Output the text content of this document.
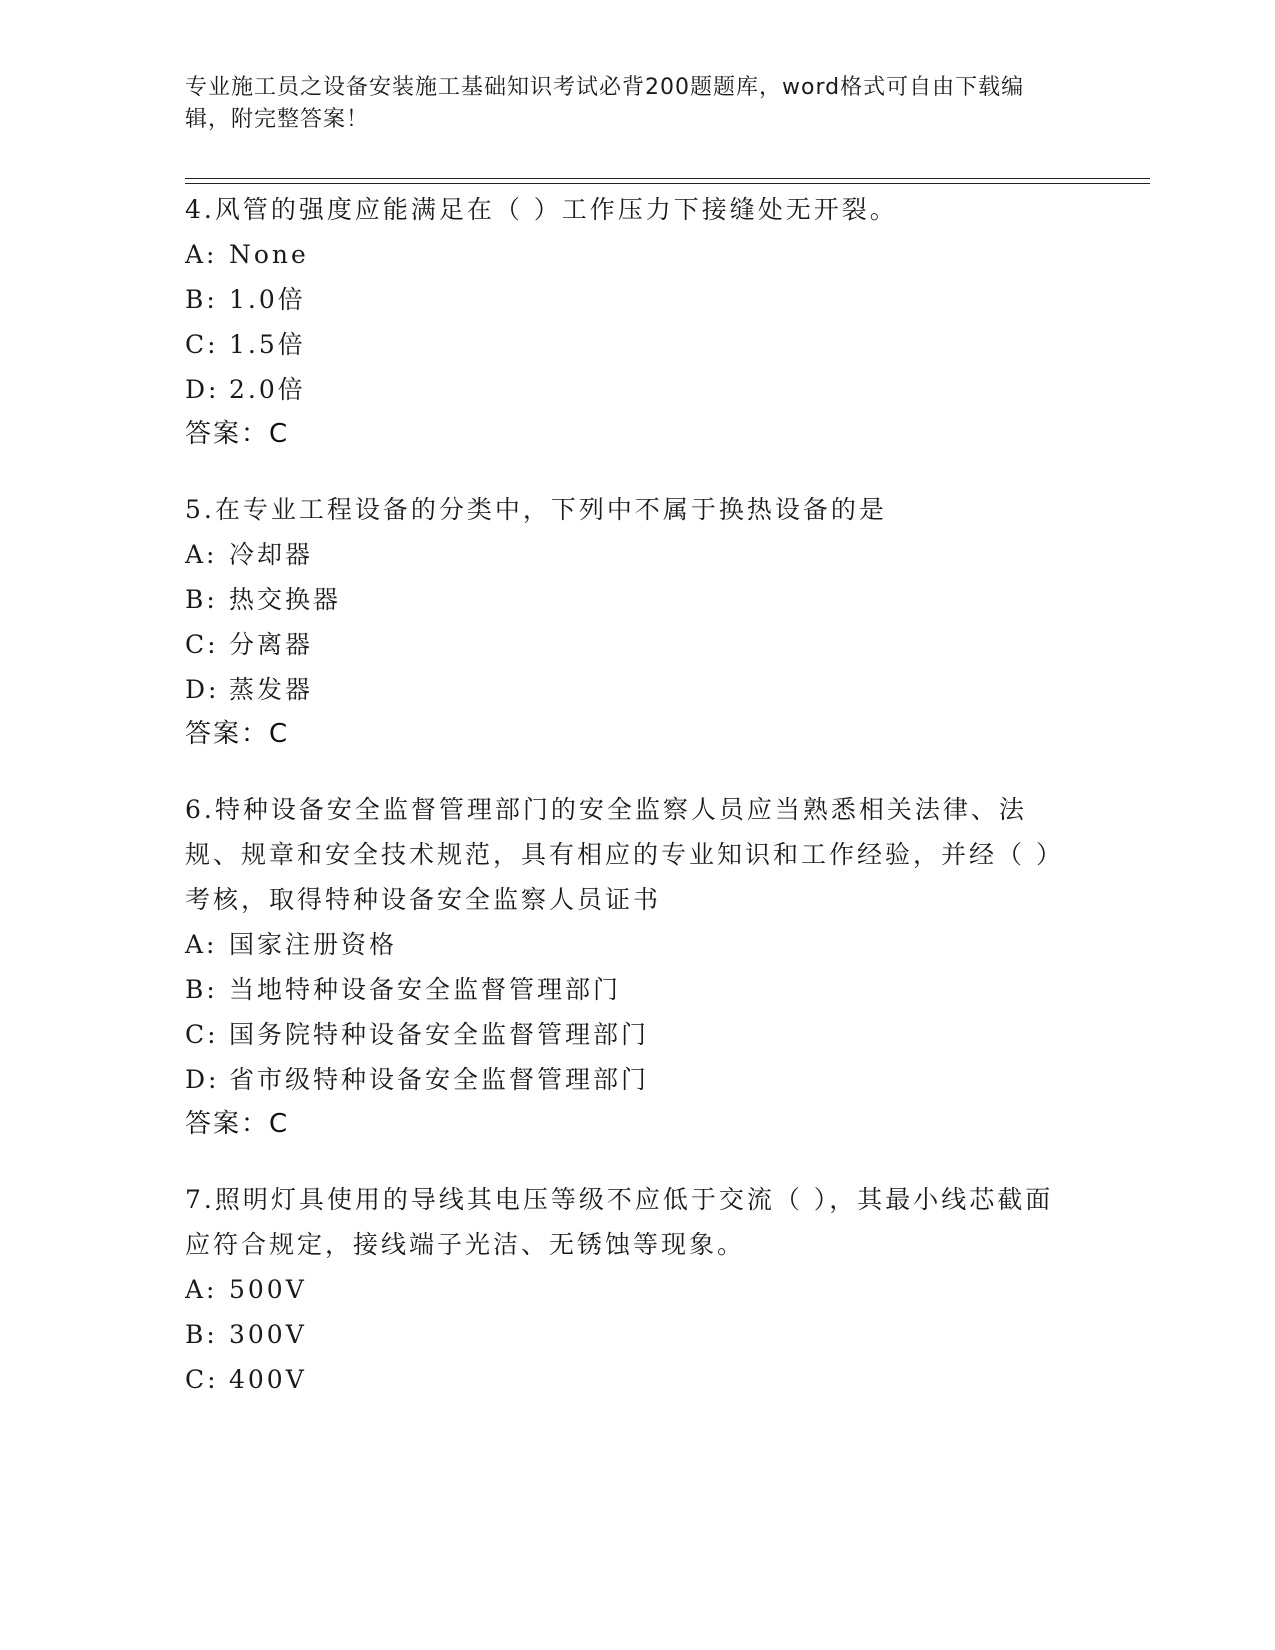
专业施工员之设备安装施工基础知识考试必背200题题库，word格式可自由下载编辑，附完整答案！
4.风管的强度应能满足在（ ）工作压力下接缝处无开裂。
A: None
B: 1.0倍
C: 1.5倍
D: 2.0倍
答案：C
5.在专业工程设备的分类中，下列中不属于换热设备的是
A: 冷却器
B: 热交换器
C: 分离器
D: 蒸发器
答案：C
6.特种设备安全监督管理部门的安全监察人员应当熟悉相关法律、法规、规章和安全技术规范，具有相应的专业知识和工作经验，并经（ ）考核，取得特种设备安全监察人员证书
A: 国家注册资格
B: 当地特种设备安全监督管理部门
C: 国务院特种设备安全监督管理部门
D: 省市级特种设备安全监督管理部门
答案：C
7.照明灯具使用的导线其电压等级不应低于交流（ ），其最小线芯截面应符合规定，接线端子光洁、无锈蚀等现象。
A: 500V
B: 300V
C: 400V
